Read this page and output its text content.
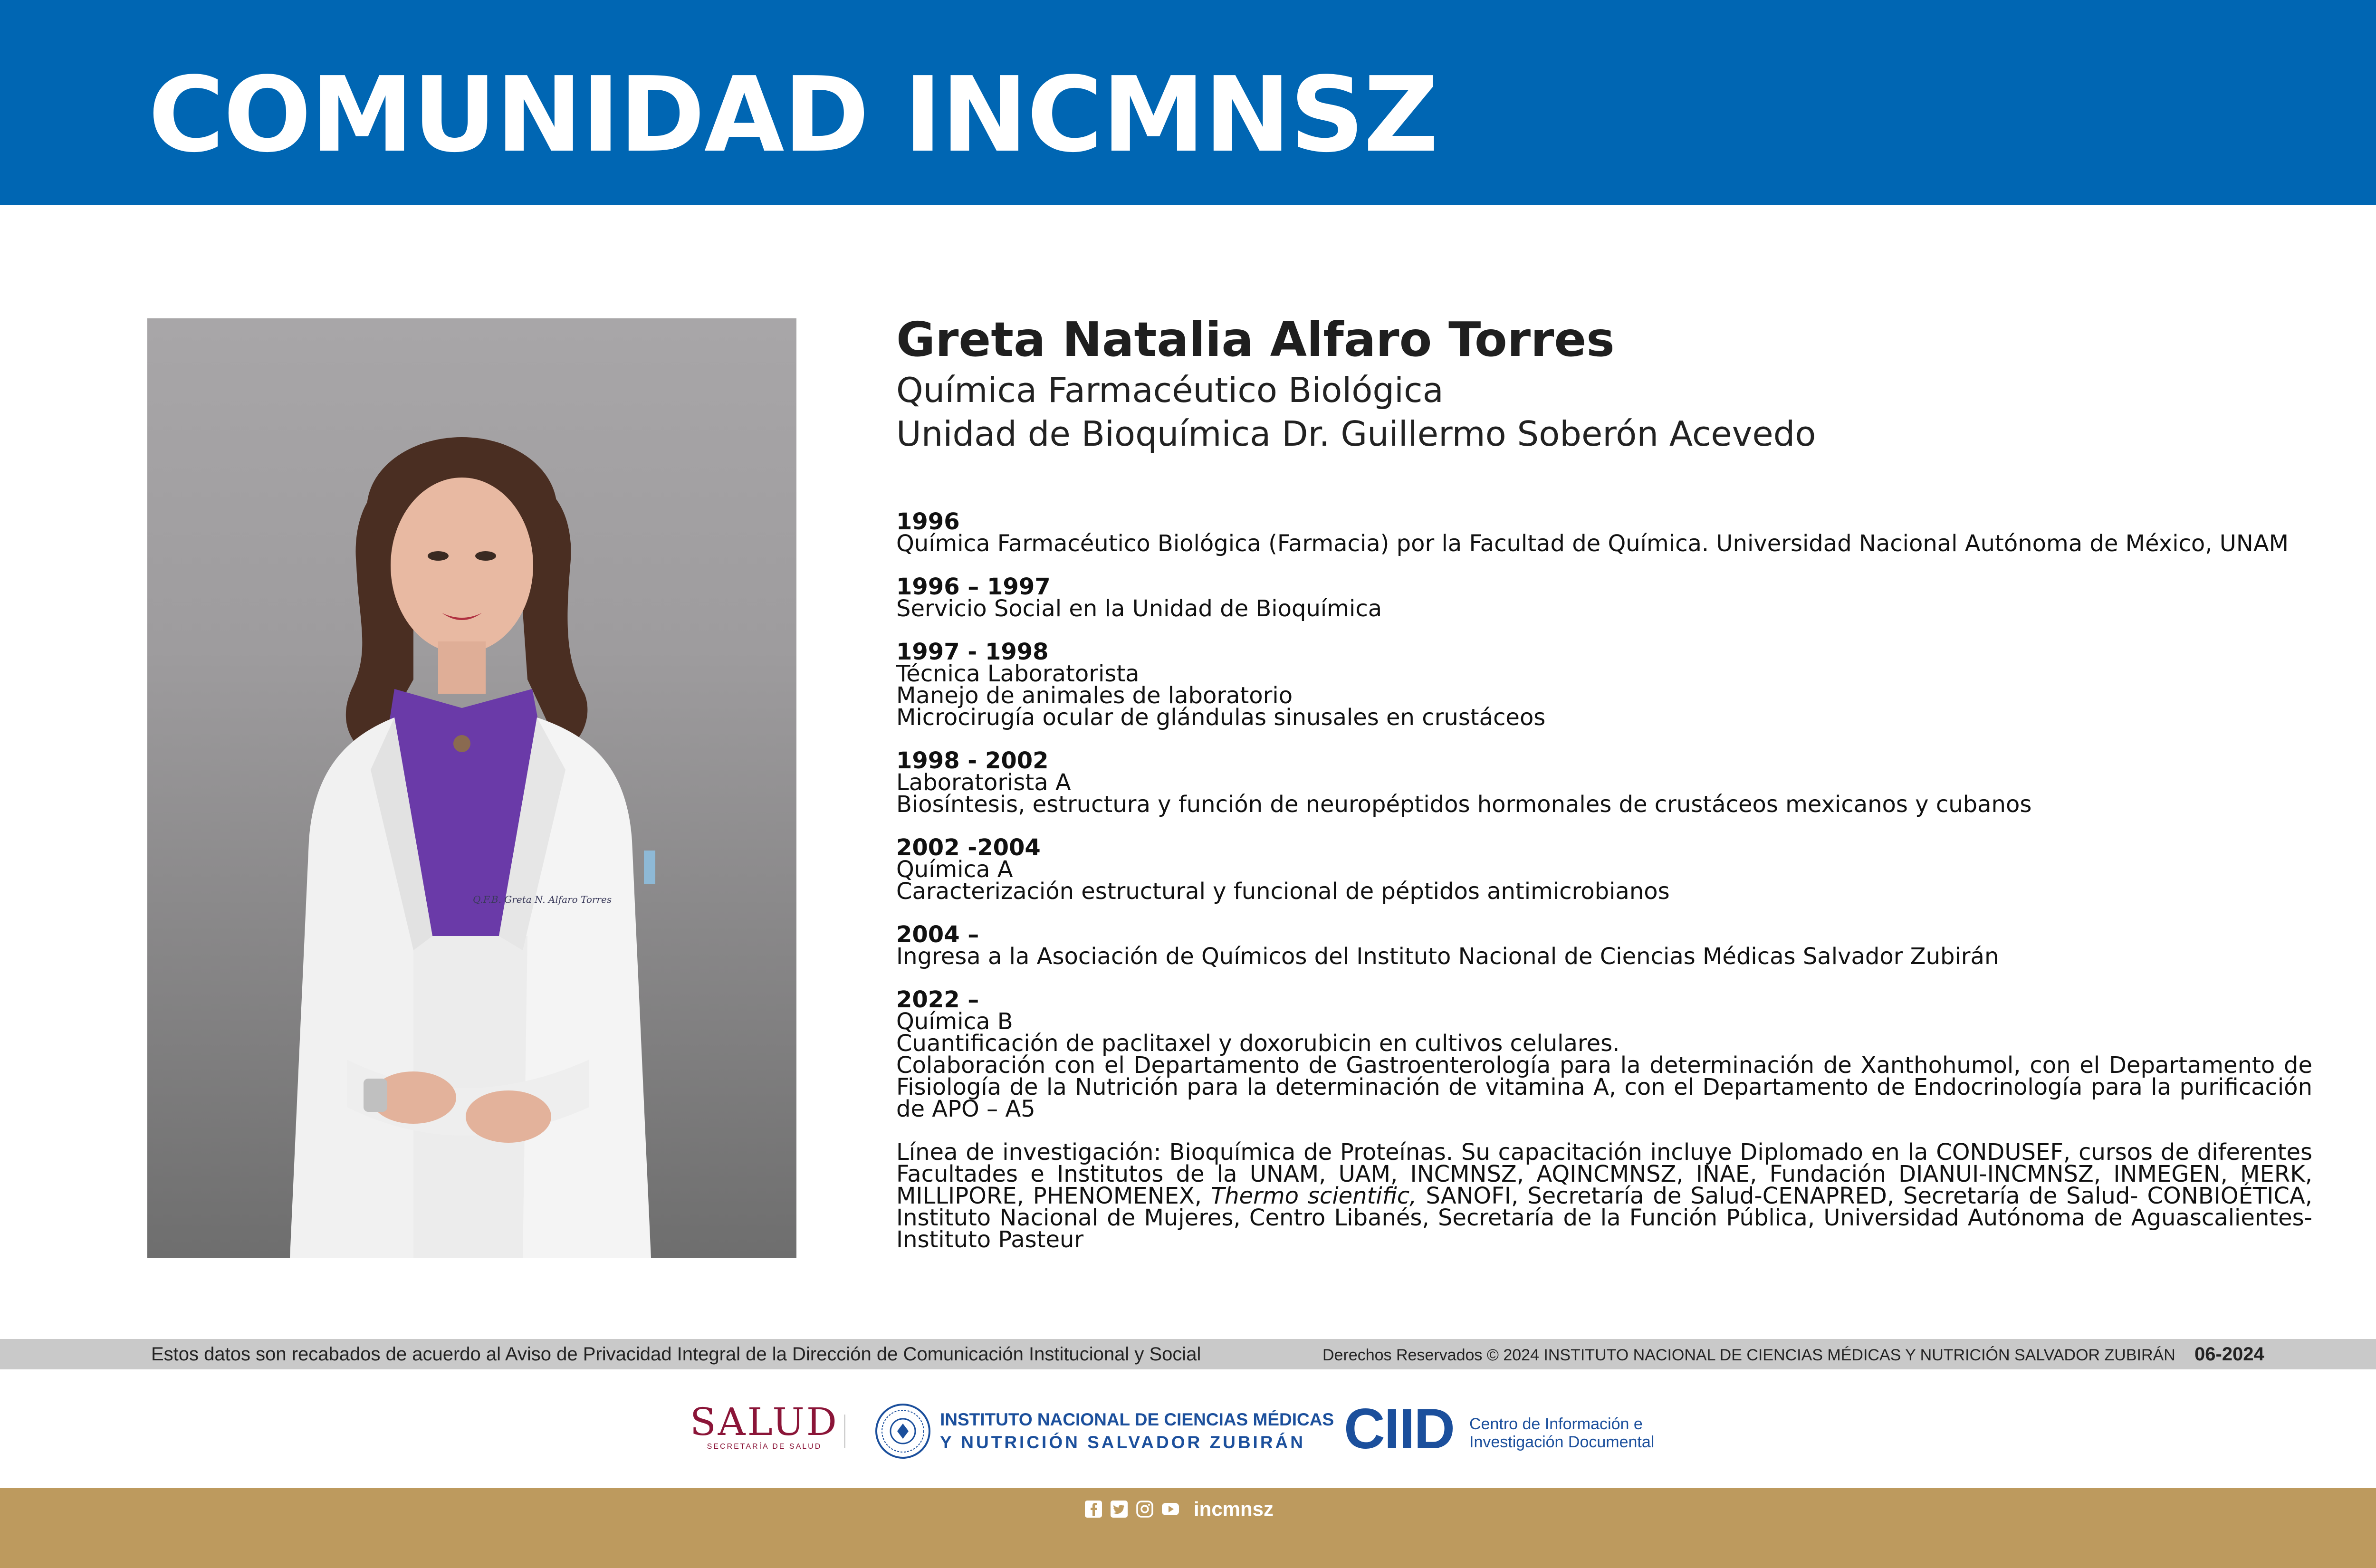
COMUNIDAD INCMNSZ
Q.F.B. Greta N. Alfaro Torres
Greta Natalia Alfaro Torres
Química Farmacéutico Biológica
Unidad de Bioquímica Dr. Guillermo Soberón Acevedo
1996
Química Farmacéutico Biológica (Farmacia) por la Facultad de Química. Universidad Nacional Autónoma de México, UNAM
1996 – 1997
Servicio Social en la Unidad de Bioquímica
1997 - 1998
Técnica Laboratorista
Manejo de animales de laboratorio
Microcirugía ocular de glándulas sinusales en crustáceos
1998 - 2002
Laboratorista A
Biosíntesis, estructura y función de neuropéptidos hormonales de crustáceos mexicanos y cubanos
2002 -2004
Química A
Caracterización estructural y funcional de péptidos antimicrobianos
2004 –
Ingresa a la Asociación de Químicos del Instituto Nacional de Ciencias Médicas Salvador Zubirán
2022 –
Química B
Cuantificación de paclitaxel y doxorubicin en cultivos celulares.
Colaboración con el Departamento de Gastroenterología para la determinación de Xanthohumol, con el Departamento de Fisiología de la Nutrición para la determinación de vitamina A, con el Departamento de Endocrinología para la purificación de APO – A5
Línea de investigación: Bioquímica de Proteínas. Su capacitación incluye Diplomado en la CONDUSEF, cursos de diferentes Facultades e Institutos de la UNAM, UAM, INCMNSZ, AQINCMNSZ, INAE, Fundación DIANUI-INCMNSZ, INMEGEN, MERK, MILLIPORE, PHENOMENEX, Thermo scientific, SANOFI, Secretaría de Salud-CENAPRED, Secretaría de Salud- CONBIOÉTICA, Instituto Nacional de Mujeres, Centro Libanés, Secretaría de la Función Pública, Universidad Autónoma de Aguascalientes-Instituto Pasteur
Estos datos son recabados de acuerdo al Aviso de Privacidad Integral de la Dirección de Comunicación Institucional y Social	Derechos Reservados © 2024 INSTITUTO NACIONAL DE CIENCIAS MÉDICAS Y NUTRICIÓN SALVADOR ZUBIRÁN 06-2024
SALUD
SECRETARÍA DE SALUD
INSTITUTO NACIONAL DE CIENCIAS MÉDICAS
Y NUTRICIÓN SALVADOR ZUBIRÁN CIID Centro de Información e
Investigación Documental
incmnsz
